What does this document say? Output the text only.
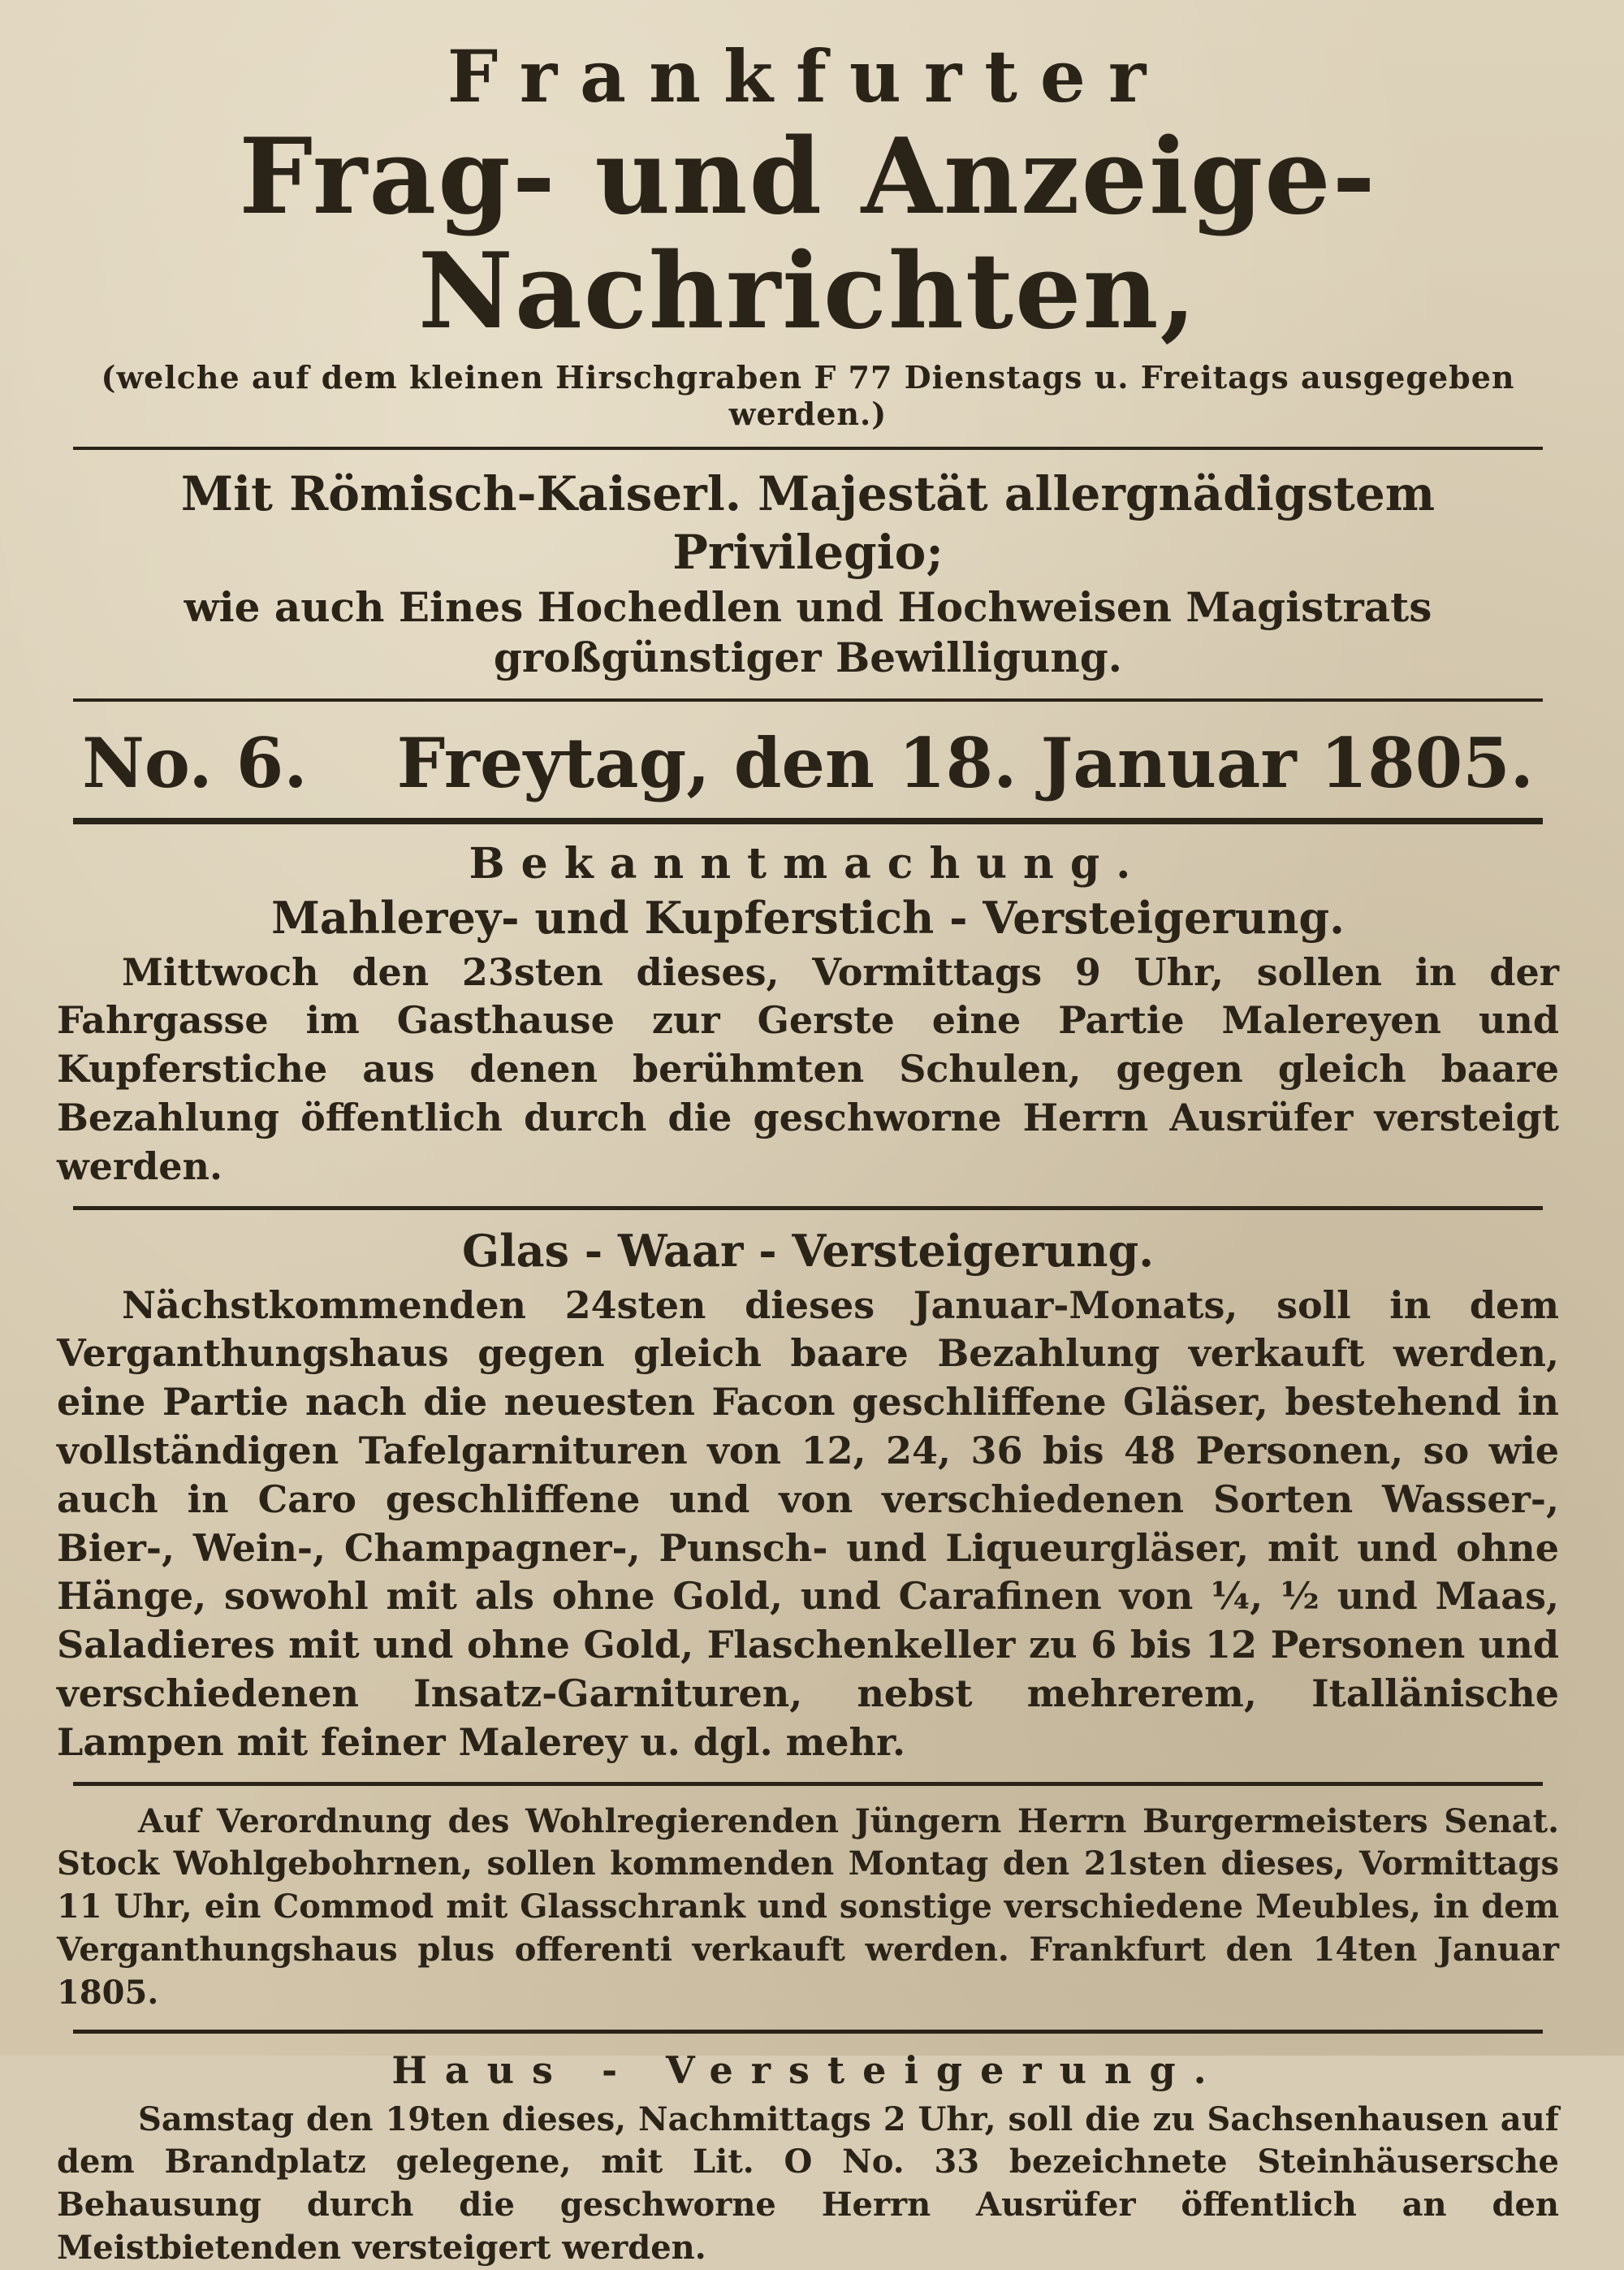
Frankfurter
Frag- und Anzeige-Nachrichten,
(welche auf dem kleinen Hirschgraben F 77 Dienstags u. Freitags ausgegeben werden.)
Mit Römisch-Kaiserl. Majestät allergnädigstem Privilegio;
wie auch Eines Hochedlen und Hochweisen Magistrats großgünstiger Bewilligung.
No. 6. Freytag, den 18. Januar 1805.
Bekanntmachung.
Mahlerey- und Kupferstich - Versteigerung.
Mittwoch den 23sten dieses, Vormittags 9 Uhr, sollen in der Fahrgasse im Gasthause zur Gerste eine Partie Malereyen und Kupferstiche aus denen berühmten Schulen, gegen gleich baare Bezahlung öffentlich durch die geschworne Herrn Ausrüfer versteigt werden.
Glas - Waar - Versteigerung.
Nächstkommenden 24sten dieses Januar-Monats, soll in dem Verganthungshaus gegen gleich baare Bezahlung verkauft werden, eine Partie nach die neuesten Facon geschliffene Gläser, bestehend in vollständigen Tafelgarnituren von 12, 24, 36 bis 48 Personen, so wie auch in Caro geschliffene und von verschiedenen Sorten Wasser-, Bier-, Wein-, Champagner-, Punsch- und Liqueurgläser, mit und ohne Hänge, sowohl mit als ohne Gold, und Carafinen von ¼, ½ und Maas, Saladieres mit und ohne Gold, Flaschenkeller zu 6 bis 12 Personen und verschiedenen Insatz-Garnituren, nebst mehrerem, Itallänische Lampen mit feiner Malerey u. dgl. mehr.
Auf Verordnung des Wohlregierenden Jüngern Herrn Burgermeisters Senat. Stock Wohlgebohrnen, sollen kommenden Montag den 21sten dieses, Vormittags 11 Uhr, ein Commod mit Glasschrank und sonstige verschiedene Meubles, in dem Verganthungshaus plus offerenti verkauft werden. Frankfurt den 14ten Januar 1805.
Haus - Versteigerung.
Samstag den 19ten dieses, Nachmittags 2 Uhr, soll die zu Sachsenhausen auf dem Brandplatz gelegene, mit Lit. O No. 33 bezeichnete Steinhäusersche Behausung durch die geschworne Herrn Ausrüfer öffentlich an den Meistbietenden versteigert werden.
